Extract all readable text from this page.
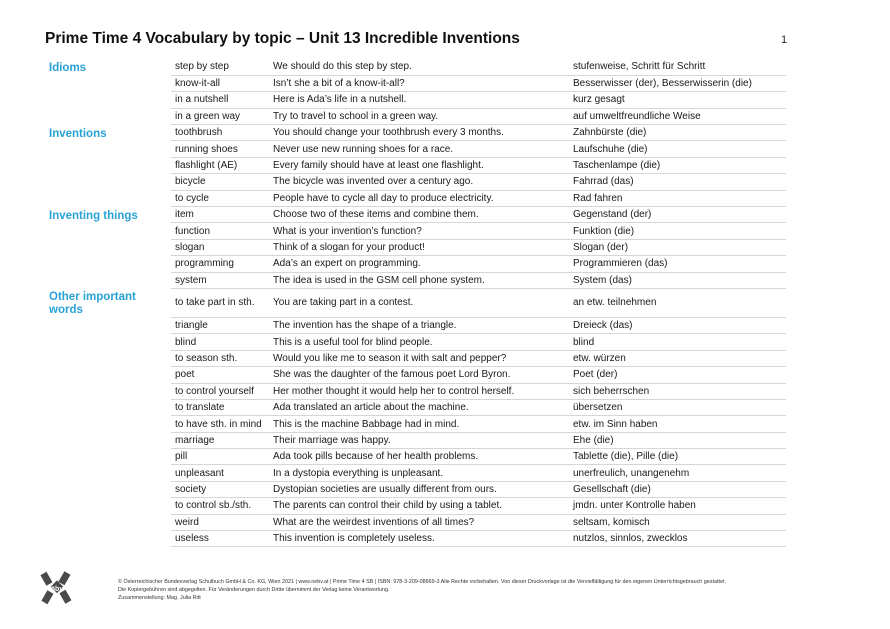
Prime Time 4 Vocabulary by topic – Unit 13 Incredible Inventions	1
Idioms	step by step	We should do this step by step.	stufenweise, Schritt für Schritt
	know-it-all	Isn’t she a bit of a know-it-all?	Besserwisser (der), Besserwisserin (die)
	in a nutshell	Here is Ada’s life in a nutshell.	kurz gesagt
	in a green way	Try to travel to school in a green way.	auf umweltfreundliche Weise
Inventions	toothbrush	You should change your toothbrush every 3 months.	Zahnbürste (die)
	running shoes	Never use new running shoes for a race.	Laufschuhe (die)
	flashlight (AE)	Every family should have at least one flashlight.	Taschenlampe (die)
	bicycle	The bicycle was invented over a century ago.	Fahrrad (das)
	to cycle	People have to cycle all day to produce electricity.	Rad fahren
Inventing things	item	Choose two of these items and combine them.	Gegenstand (der)
	function	What is your invention’s function?	Funktion (die)
	slogan	Think of a slogan for your product!	Slogan (der)
	programming	Ada’s an expert on programming.	Programmieren (das)
	system	The idea is used in the GSM cell phone system.	System (das)
Other important words	to take part in sth.	You are taking part in a contest.	an etw. teilnehmen
	triangle	The invention has the shape of a triangle.	Dreieck (das)
	blind	This is a useful tool for blind people.	blind
	to season sth.	Would you like me to season it with salt and pepper?	etw. würzen
	poet	She was the daughter of the famous poet Lord Byron.	Poet (der)
	to control yourself	Her mother thought it would help her to control herself.	sich beherrschen
	to translate	Ada translated an article about the machine.	übersetzen
	to have sth. in mind	This is the machine Babbage had in mind.	etw. im Sinn haben
	marriage	Their marriage was happy.	Ehe (die)
	pill	Ada took pills because of her health problems.	Tablette (die), Pille (die)
	unpleasant	In a dystopia everything is unpleasant.	unerfreulich, unangenehm
	society	Dystopian societies are usually different from ours.	Gesellschaft (die)
	to control sb./sth.	The parents can control their child by using a tablet.	jmdn. unter Kontrolle haben
	weird	What are the weirdest inventions of all times?	seltsam, komisch
	useless	This invention is completely useless.	nutzlos, sinnlos, zwecklos
öbv
© Österreichischer Bundesverlag Schulbuch GmbH & Co. KG, Wien 2021 | www.oebv.at | Prime Time 4 SB | ISBN: 978-3-209-08669-3 Alle Rechte vorbehalten. Von dieser Druckvorlage ist die Vervielfältigung für den eigenen Unterrichtsgebrauch gestattet.
Die Kopiergebühren sind abgegolten. Für Veränderungen durch Dritte übernimmt der Verlag keine Verantwortung.
Zusammenstellung: Mag. Julia Ritt
